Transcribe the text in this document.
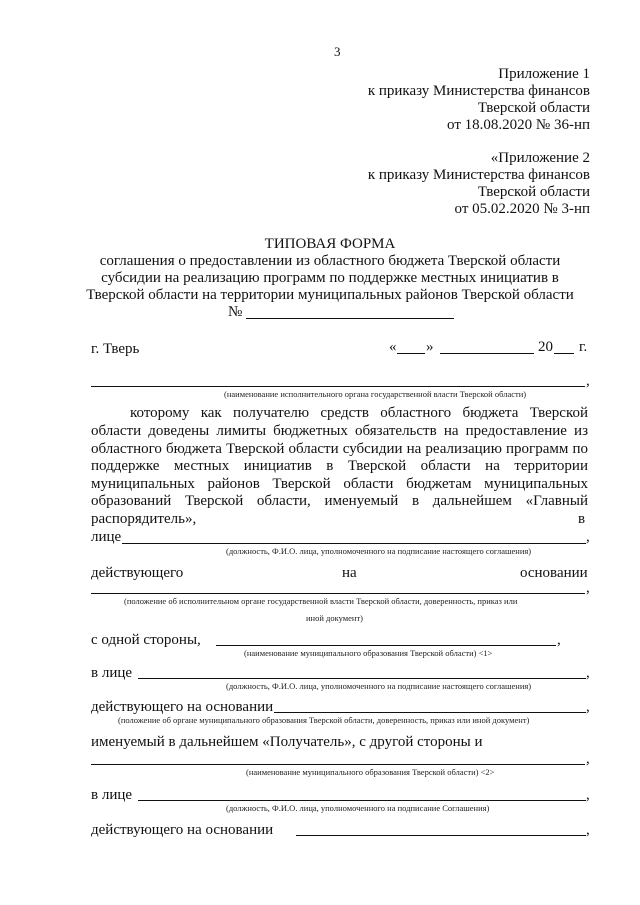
3
Приложение 1
к приказу Министерства финансов
Тверской области
от 18.08.2020 № 36-нп
«Приложение 2
к приказу Министерства финансов
Тверской области
от 05.02.2020 № 3-нп
ТИПОВАЯ ФОРМА
соглашения о предоставлении из областного бюджета Тверской области
субсидии на реализацию программ по поддержке местных инициатив в
Тверской области на территории муниципальных районов Тверской области
№
г. Тверь	« »	20 г.
,
(наименование исполнительного органа государственной власти Тверской области)
которому как получателю средств областного бюджета Тверской
области доведены лимиты бюджетных обязательств на предоставление из
областного бюджета Тверской области субсидии на реализацию программ по
поддержке местных инициатив в Тверской области на территории
муниципальных районов Тверской области бюджетам муниципальных
образований Тверской области, именуемый в дальнейшем «Главный
распорядитель»,	в
лице	,
(должность, Ф.И.О. лица, уполномоченного на подписание настоящего соглашения)
действующего	на	основании
,
(положение об исполнительном органе государственной власти Тверской области, доверенность, приказ или
иной документ)
с одной стороны,	,
(наименование муниципального образования Тверской области) <1>
в лице	,
(должность, Ф.И.О. лица, уполномоченного на подписание настоящего соглашения)
действующего на основании	,
(положение об органе муниципального образования Тверской области, доверенность, приказ или иной документ)
именуемый в дальнейшем «Получатель», с другой стороны и
,
(наименование муниципального образования Тверской области) <2>
в лице	,
(должность, Ф.И.О. лица, уполномоченного на подписание Соглашения)
действующего на основании	,
